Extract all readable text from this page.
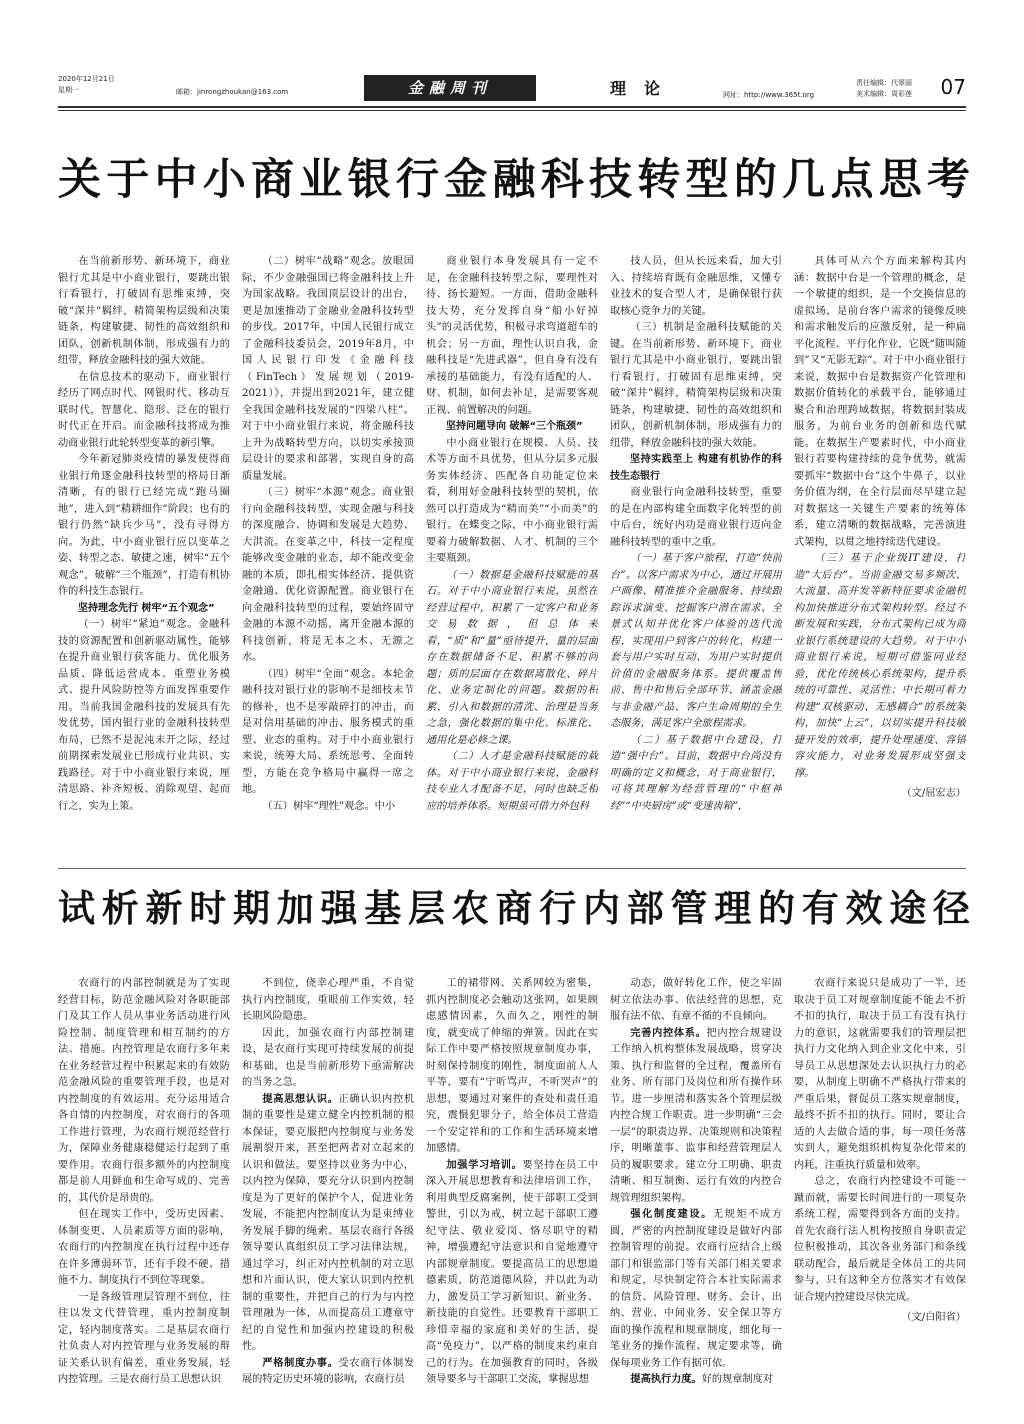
2020年12月21日
星期一	邮箱：jinrongzhoukan@163.com	金融周刊	理论	网址：http://www.365t.org
责任编辑：代翠丽
美术编辑：周彩莲 07
关于中小商业银行金融科技转型的几点思考

在当前新形势、新环境下，商业银行尤其是中小商业银行，要跳出银行看银行，打破固有思维束缚，突破“深井”羁绊，精简架构层级和决策链条，构建敏捷、韧性的高效组织和团队，创新机制体制，形成强有力的纽带，释放金融科技的强大效能。

在信息技术的驱动下，商业银行经历了网点时代、网银时代、移动互联时代，智慧化、隐形、泛在的银行时代正在开启。而金融科技将成为推动商业银行此轮转型变革的新引擎。

今年新冠肺炎疫情的暴发使得商业银行角逐金融科技转型的格局日渐清晰，有的银行已经完成“跑马圈地”，进入到“精耕细作”阶段；也有的银行仍然“缺兵少马”，没有寻得方向。为此，中小商业银行应以变革之姿、转型之态、敏捷之速，树牢“五个观念”，破解“三个瓶颈”，打造有机协作的科技生态银行。

坚持理念先行 树牢“五个观念”

（一）树牢“紧迫”观念。金融科技的资源配置和创新驱动属性，能够在提升商业银行获客能力、优化服务品质、降低运营成本、重塑业务模式、提升风险防控等方面发挥重要作用。当前我国金融科技的发展具有先发优势，国内银行业的金融科技转型布局，已然不是泥沌未开之际，经过前期探索发展业已形成行业共识、实践路径。对于中小商业银行来说，厘清思路、补齐短板、消除观望、起而行之，实为上策。

（二）树牢“战略”观念。放眼国际，不少金融强国已将金融科技上升为国家战略。我国顶层设计的出台，更是加速推动了金融业金融科技转型的步伐。2017年，中国人民银行成立了金融科技委员会，2019年8月，中国人民银行印发《金融科技（FinTech）发展规划（2019-2021）》，并提出到2021年，建立健全我国金融科技发展的“四梁八柱”。对于中小商业银行来说，将金融科技上升为战略转型方向，以切实承接顶层设计的要求和部署，实现自身的高质量发展。

（三）树牢“本源”观念。商业银行向金融科技转型，实现金融与科技的深度融合、协调和发展是大趋势、大洪流。在变革之中，科技一定程度能够改变金融的业态，却不能改变金融的本质，即扎根实体经济、提供资金融通、优化资源配置。商业银行在向金融科技转型的过程，要始终固守金融的本源不动摇，离开金融本源的科技创新，将是无本之木、无源之水。

（四）树牢“全面”观念。本轮金融科技对银行业的影响不是细枝末节的修补，也不是零敲碎打的冲击，而是对信用基础的冲击、服务模式的重塑、业态的重构。对于中小商业银行来说，统筹大局、系统思考、全面转型，方能在竞争格局中赢得一席之地。

（五）树牢“理性”观念。中小

商业银行本身发展具有一定不足，在金融科技转型之际，要理性对待、扬长避短。一方面，借助金融科技大势，充分发挥自身“船小好掉头”的灵活优势，积极寻求弯道超车的机会；另一方面，理性认识自我，金融科技是“先进武器”，但自身有没有承接的基础能力，有没有适配的人、财、机制，如何去补足，是需要客观正视、前置解决的问题。

坚持问题导向 破解“三个瓶颈”

中小商业银行在规模、人员、技术等方面不具优势，但从分层多元服务实体经济、匹配各自功能定位来看，利用好金融科技转型的契机，依然可以打造成为“精而美”“小而美”的银行。在蝶变之际，中小商业银行需要着力破解数据、人才、机制的三个主要瓶颈。

（一）数据是金融科技赋能的基石。对于中小商业银行来说，虽然在经营过程中，积累了一定客户和业务交易数据，但总体来看，“质”和“量”亟待提升，量的层面存在数据储备不足、积累不够的问题；质的层面存在数据离散化、碎片化、业务定制化的问题。数据的积累、引入和数据的清洗、治理是当务之急，强化数据的集中化、标准化、通用化是必修之课。

（二）人才是金融科技赋能的载体。对于中小商业银行来说，金融科技专业人才配备不足，同时也缺乏相应的培养体系。短期虽可借力外包科

技人员，但从长远来看，加大引入、持续培育既有金融思维，又懂专业技术的复合型人才，是确保银行获取核心竞争力的关键。

（三）机制是金融科技赋能的关键。在当前新形势、新环境下，商业银行尤其是中小商业银行，要跳出银行看银行，打破固有思维束缚，突破“深井”羁绊，精简架构层级和决策链条，构建敏捷、韧性的高效组织和团队，创新机制体制，形成强有力的纽带，释放金融科技的强大效能。

坚持实践至上 构建有机协作的科技生态银行

商业银行向金融科技转型，重要的是在内部构建全面数字化转型的前中后台，统好内功是商业银行迈向金融科技转型的重中之重。

（一）基于客户旅程，打造“快前台”。以客户需求为中心，通过开展用户画像、精准推介金融服务、持续跟踪诉求演变、挖掘客户潜在需求、全景式认知并优化客户体验的迭代流程，实现用户到客户的转化，构建一套与用户实时互动、为用户实时提供价值的金融服务体系。提供覆盖售前、售中和售后全部环节、涵盖金融与非金融产品、客户生命周期的全生态服务，满足客户全旅程需求。

（二）基于数据中台建设，打造“强中台”。目前，数据中台尚没有明确的定义和概念，对于商业银行，可将其理解为经营管理的“中枢神经”“中央厨房”或“变速齿箱”，

具体可从六个方面来解构其内涵：数据中台是一个管理的概念，是一个敏捷的组织，是一个交换信息的虚拟场，是前台客户需求的镜像反映和需求触发后的应激反射，是一种扁平化流程、平行化作业，它既“随叫随到”又“无影无踪”。对于中小商业银行来说，数据中台是数据资产化管理和数据价值转化的承载平台，能够通过聚合和治理跨域数据，将数据封装成服务，为前台业务的创新和迭代赋能。在数据生产要素时代，中小商业银行若要构建持续的竞争优势，就需要抓牢“数据中台”这个牛鼻子，以业务价值为纲，在全行层面尽早建立起对数据这一关键生产要素的统筹体系，建立清晰的数据战略，完善演进式架构，以贯之地持续迭代建设。

（三）基于企业级IT建设，打造“大后台”。当前金融交易多频次、大流量、高并发等新特征要求金融机构加快推进分布式架构转型。经过不断发展和实践，分布式架构已成为商业银行系统建设的大趋势。对于中小商业银行来说，短期可借鉴同业经验，优化传统核心系统架构，提升系统的可靠性、灵活性；中长期可着力构建“双核驱动、无感耦合”的系统架构，加快“上云”，以切实提升科技敏捷开发的效率，提升处理速度、容错容灾能力，对业务发展形成坚强支撑。

（文/屈宏志）

试析新时期加强基层农商行内部管理的有效途径

农商行的内部控制就是为了实现经营目标，防范金融风险对各职能部门及其工作人员从事业务活动进行风险控制、制度管理和相互制约的方法、措施。内控管理是农商行多年来在业务经营过程中积累起来的有效防范金融风险的重要管理手段，也是对内控制度的有效运用。充分运用适合各自情的内控制度，对农商行的各项工作进行管理，为农商行规范经营行为，保障业务健康稳健运行起到了重要作用。农商行很多额外的内控制度都是前人用鲜血和生命写成的、完善的，其代价是昂贵的。

但在现实工作中，受历史因素、体制变更、人员素质等方面的影响，农商行的内控制度在执行过程中还存在许多薄弱环节，还有手段不硬、措施不力、制度执行不到位等现象。

一是各级管理层管理不到位，往往以发文代替管理，重内控制度制定，轻内制度落实。二是基层农商行社负责人对内控管理与业务发展的辩证关系认识有偏差，重业务发展，轻内控管理。三是农商行员工思想认识

不到位，侥幸心理严重，不自觉执行内控制度，重眼前工作实效，轻长期风险隐患。

因此，加强农商行内部控制建设，是农商行实现可持续发展的前提和基础，也是当前新形势下亟需解决的当务之急。

提高思想认识。正确认识内控机制的重要性是建立健全内控机制的根本保证，要克服把内控制度与业务发展割裂开来，甚至把两者对立起来的认识和做法。要坚持以业务为中心，以内控为保障，要充分认识到内控制度是为了更好的保护个人，促进业务发展，不能把内控制度认为是束缚业务发展手脚的绳索。基层农商行各级领导要认真组织员工学习法律法规，通过学习，纠正对内控机制的对立思想和片面认识，使大家认识到内控机制的重要性，并把自己的行为与内控管理融为一体，从而提高员工遵章守纪的自觉性和加强内控建设的积极性。

严格制度办事。受农商行体制发展的特定历史环境的影响，农商行员

工的裙带网、关系网较为密集，抓内控制度必会触动这张网，如果顾虑感情因素，久而久之，刚性的制度，就变成了伸缩的弹簧。因此在实际工作中要严格按照规章制度办事，时刻保持制度的刚性，制度面前人人平等，要有“宁听骂声，不听哭声”的思想，要通过对案件的查处和责任追究，震慑犯罪分子，给全体员工营造一个安定祥和的工作和生活环境来增加感情。

加强学习培训。要坚持在员工中深入开展思想教育和法律培训工作，利用典型反腐案例，使干部职工受到警世，引以为戒，树立起干部职工遵纪守法、敬业爱岗、恪尽职守的精神，增强遵纪守法意识和自觉地遵守内部规章制度。要提高员工的思想道德素质，防范道德风险，并以此为动力，激发员工学习新知识、新业务、新技能的自觉性。还要教育干部职工珍惜幸福的家庭和美好的生活，提高“免疫力”，以严格的制度来约束自己的行为。在加强教育的同时，各级领导要多与干部职工交流，掌握思想

动态，做好转化工作，使之牢固树立依法办事、依法经营的思想，克服有法不依、有章不循的不良倾向。

完善内控体系。把内控合规建设工作纳入机构整体发展战略，贯穿决策、执行和监督的全过程，覆盖所有业务、所有部门及岗位和所有操作环节。进一步厘清和落实各个管理层级内控合规工作职责。进一步明确“三会一层”的职责边界、决策规则和决策程序，明晰董事、监事和经营管理层人员的履职要求。建立分工明确、职责清晰、相互制衡、运行有效的内控合规管理组织架构。

强化制度建设。无规矩不成方圆，严密的内控制度建设是做好内部控制管理的前提。农商行应结合上级部门和银监部门等有关部门相关要求和规定，尽快制定符合本社实际需求的信贷、风险管理、财务、会计、出纳、营业、中间业务、安全保卫等方面的操作流程和规章制度，细化每一笔业务的操作流程、规定要求等，确保每项业务工作有据可依。

提高执行力度。好的规章制度对

农商行来说只是成功了一半，还取决于员工对规章制度能不能去不折不扣的执行，取决于员工有没有执行力的意识，这就需要我们的管理层把执行力文化纳入到企业文化中来，引导员工从思想深处去认识执行力的必要，从制度上明确不严格执行带来的严重后果，督促员工落实规章制度，最终不折不扣的执行。同时，要让合适的人去做合适的事，每一项任务落实到人，避免组织机构复杂化带来的内耗，注重执行质量和效率。

总之，农商行内控建设不可能一蹴而就，需要长时间进行的一项复杂系统工程，需要得到各方面的支持。首先农商行法人机构按照自身职责定位积极推动，其次各业务部门和条线联动配合，最后就是全体员工的共同参与，只有这种全方位落实才有效保证合规内控建设尽快完成。

（文/白阳省）
